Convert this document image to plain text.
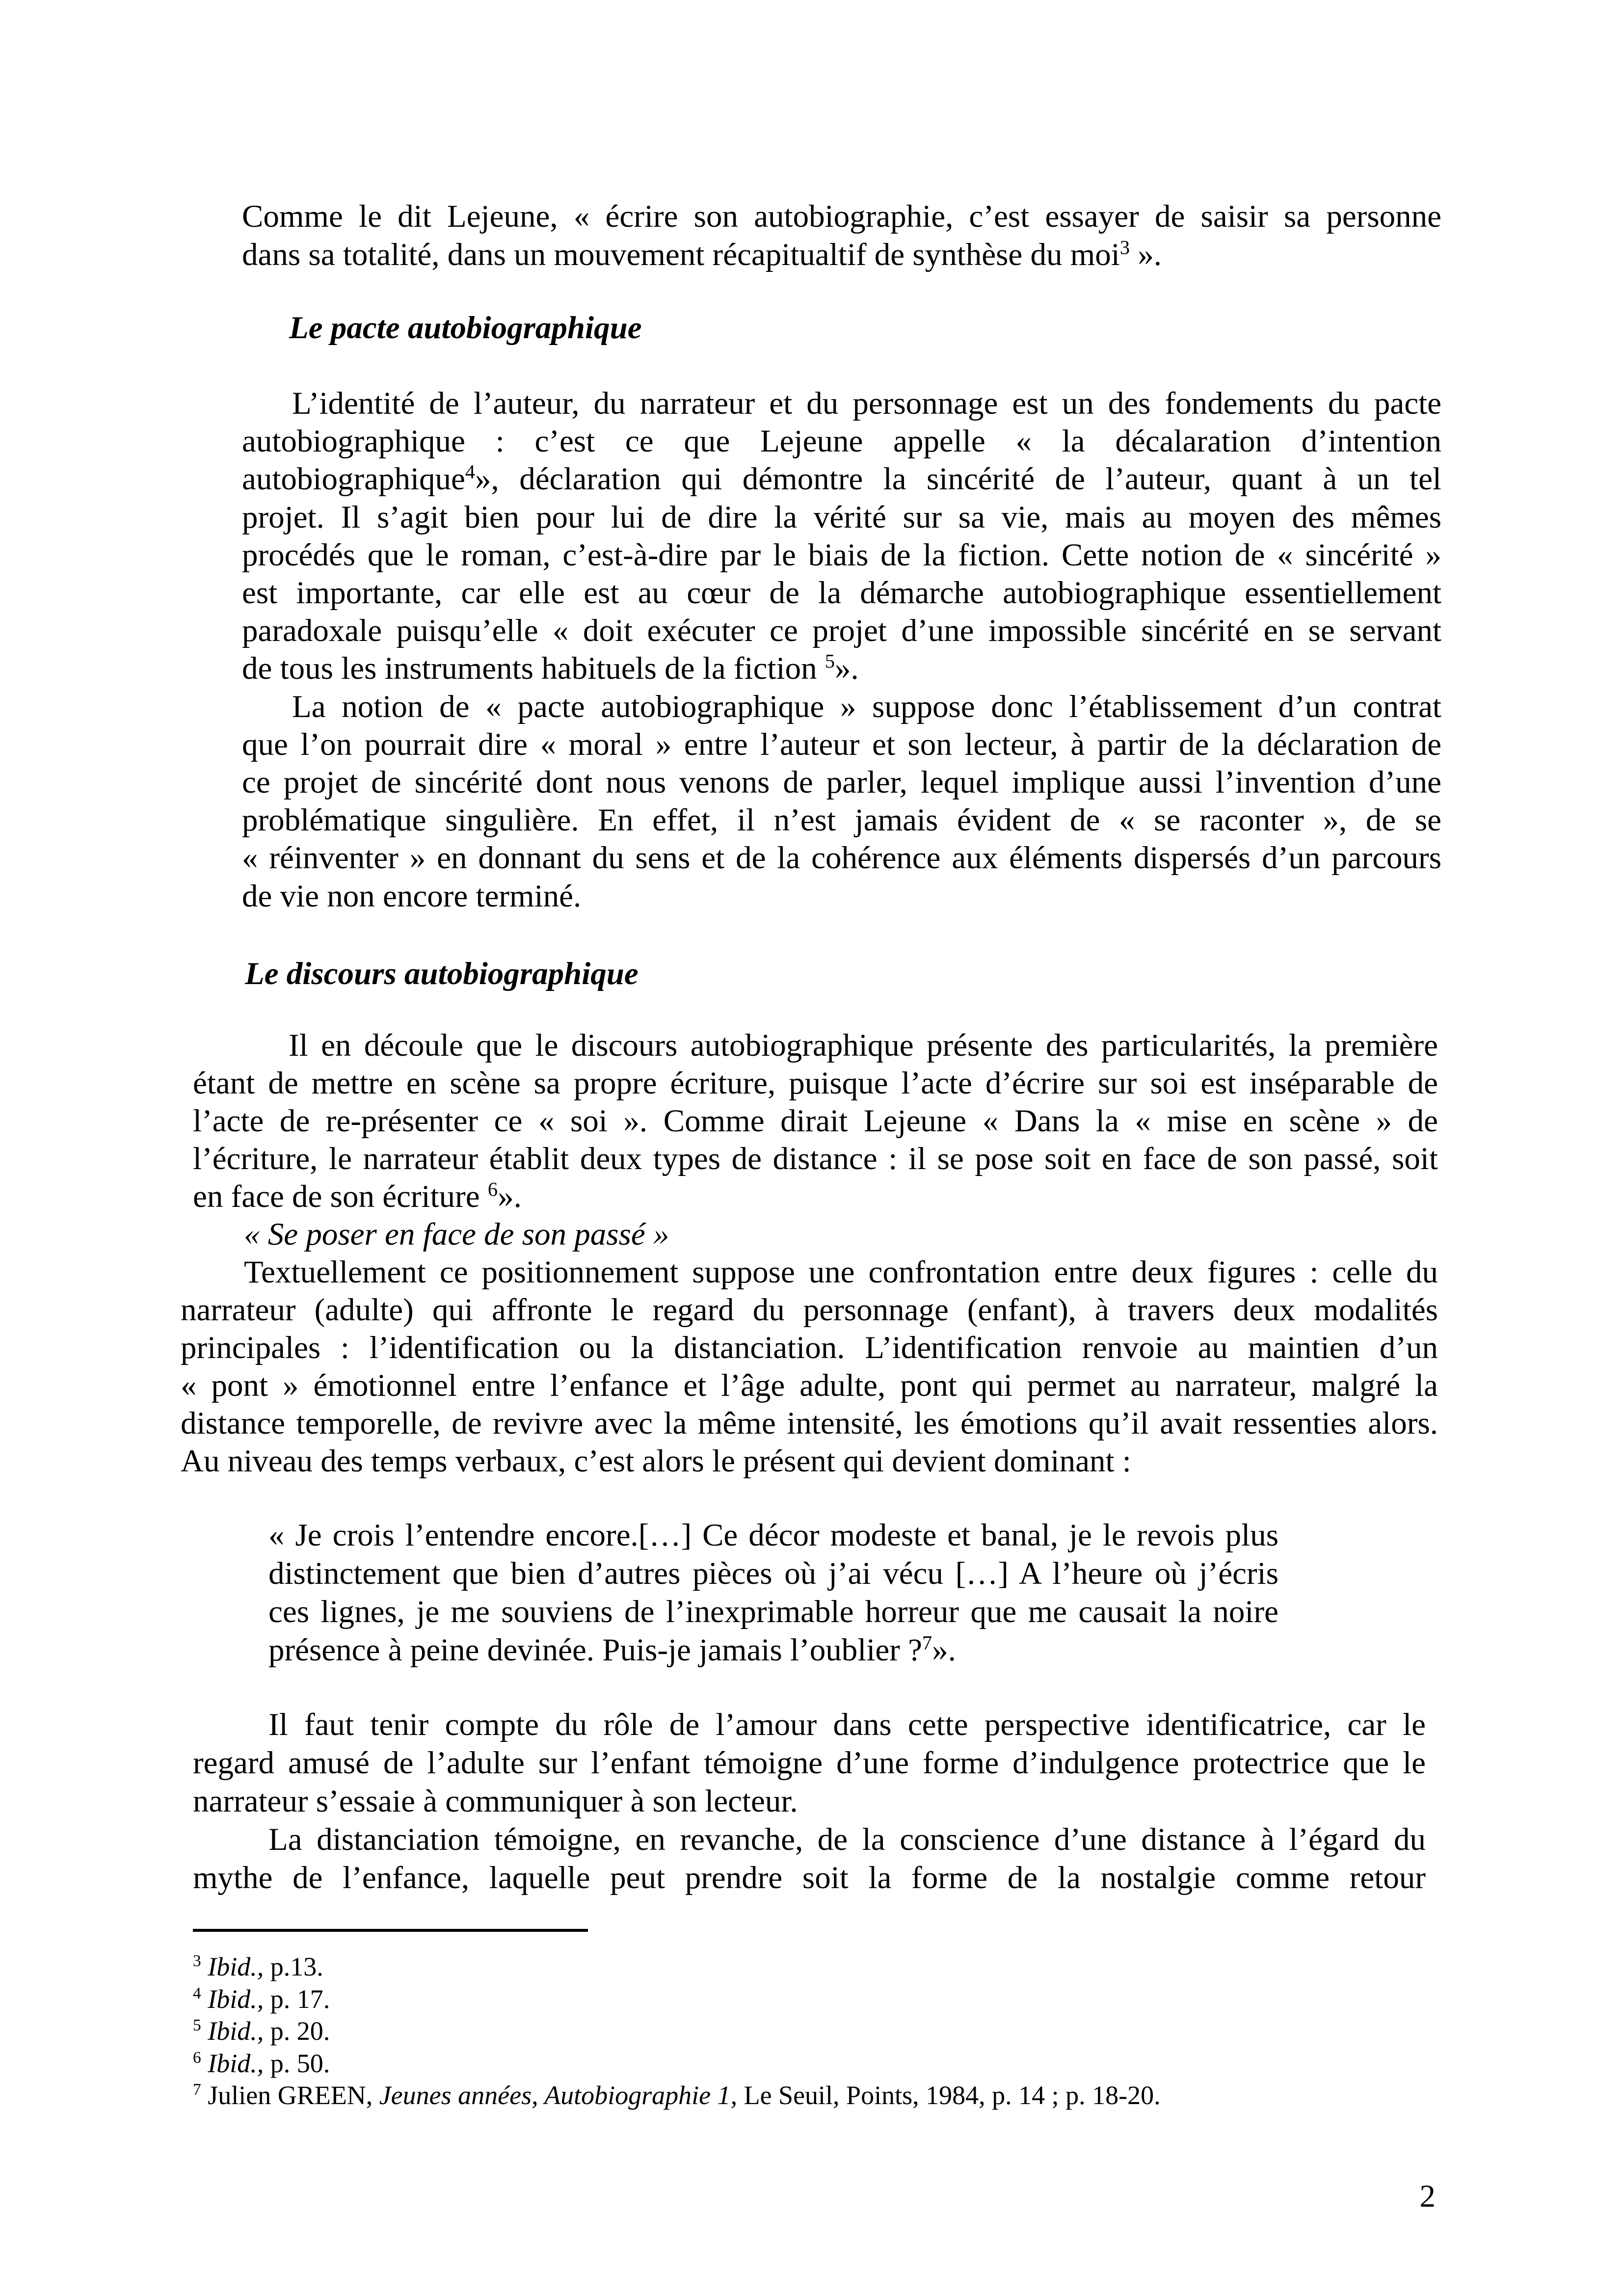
2
Comme le dit Lejeune, « écrire son autobiographie, c’est essayer de saisir sa personne
dans sa totalité, dans un mouvement récapitualtif de synthèse du moi$^3$ ».
Le pacte autobiographique
L’identité de l’auteur, du narrateur et du personnage est un des fondements du pacte
autobiographique : c’est ce que Lejeune appelle « la décalaration d’intention
autobiographique$^4$», déclaration qui démontre la sincérité de l’auteur, quant à un tel
projet. Il s’agit bien pour lui de dire la vérité sur sa vie, mais au moyen des mêmes
procédés que le roman, c’est-à-dire par le biais de la fiction. Cette notion de « sincérité »
est importante, car elle est au cœur de la démarche autobiographique essentiellement
paradoxale puisqu’elle « doit exécuter ce projet d’une impossible sincérité en se servant
de tous les instruments habituels de la fiction $^5$».
La notion de « pacte autobiographique » suppose donc l’établissement d’un contrat
que l’on pourrait dire « moral » entre l’auteur et son lecteur, à partir de la déclaration de
ce projet de sincérité dont nous venons de parler, lequel implique aussi l’invention d’une
problématique singulière. En effet, il n’est jamais évident de « se raconter », de se
« réinventer » en donnant du sens et de la cohérence aux éléments dispersés d’un parcours
de vie non encore terminé.
Le discours autobiographique
Il en découle que le discours autobiographique présente des particularités, la première
étant de mettre en scène sa propre écriture, puisque l’acte d’écrire sur soi est inséparable de
l’acte de re-présenter ce « soi ». Comme dirait Lejeune « Dans la « mise en scène » de
l’écriture, le narrateur établit deux types de distance : il se pose soit en face de son passé, soit
en face de son écriture $^6$».
« Se poser en face de son passé »
Textuellement ce positionnement suppose une confrontation entre deux figures : celle du
narrateur (adulte) qui affronte le regard du personnage (enfant), à travers deux modalités
principales : l’identification ou la distanciation. L’identification renvoie au maintien d’un
« pont » émotionnel entre l’enfance et l’âge adulte, pont qui permet au narrateur, malgré la
distance temporelle, de revivre avec la même intensité, les émotions qu’il avait ressenties alors.
Au niveau des temps verbaux, c’est alors le présent qui devient dominant :
« Je crois l’entendre encore.[…] Ce décor modeste et banal, je le revois plus
distinctement que bien d’autres pièces où j’ai vécu […] A l’heure où j’écris
ces lignes, je me souviens de l’inexprimable horreur que me causait la noire
présence à peine devinée. Puis-je jamais l’oublier ?$^7$».
Il faut tenir compte du rôle de l’amour dans cette perspective identificatrice, car le
regard amusé de l’adulte sur l’enfant témoigne d’une forme d’indulgence protectrice que le
narrateur s’essaie à communiquer à son lecteur.
La distanciation témoigne, en revanche, de la conscience d’une distance à l’égard du
mythe de l’enfance, laquelle peut prendre soit la forme de la nostalgie comme retour
$^3$ Ibid., p.13.
$^4$ Ibid., p. 17.
$^5$ Ibid., p. 20.
$^6$ Ibid., p. 50.
$^7$ Julien GREEN, Jeunes années, Autobiographie 1, Le Seuil, Points, 1984, p. 14 ; p. 18-20.
